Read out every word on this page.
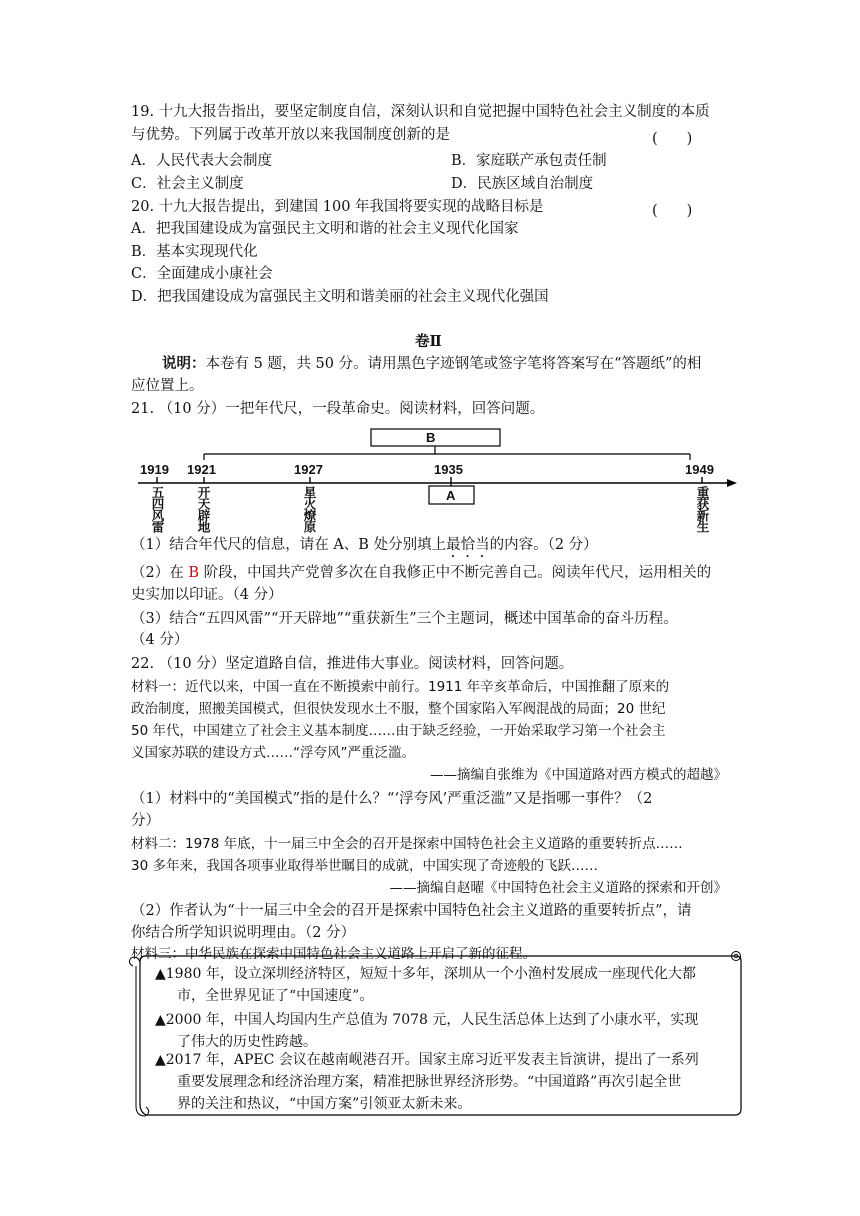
19. 十九大报告指出，要坚定制度自信，深刻认识和自觉把握中国特色社会主义制度的本质
与优势。下列属于改革开放以来我国制度创新的是	(　　)
A．人民代表大会制度	B．家庭联产承包责任制
C．社会主义制度	D．民族区域自治制度
20. 十九大报告提出，到建国 100 年我国将要实现的战略目标是	(　　)
A．把我国建设成为富强民主文明和谐的社会主义现代化国家
B．基本实现现代化
C．全面建成小康社会
D．把我国建设成为富强民主文明和谐美丽的社会主义现代化强国
卷Ⅱ
说明：本卷有 5 题，共 50 分。请用黑色字迹钢笔或签字笔将答案写在“答题纸”的相
应位置上。
21. （10 分）一把年代尺，一段革命史。阅读材料，回答问题。
B
A
1919 1921	1927	1935	1949
五四风雷 开天辟地	星火燎原	重获新生
（1）结合年代尺的信息，请在 A、B 处分别填上最恰当的内容。（2 分）
（2）在 B 阶段，中国共产党曾多次在自我修正中不断完善自己。阅读年代尺，运用相关的
史实加以印证。（4 分）
（3）结合“五四风雷”“开天辟地”“重获新生”三个主题词，概述中国革命的奋斗历程。
（4 分）
22. （10 分）坚定道路自信，推进伟大事业。阅读材料，回答问题。
材料一：近代以来，中国一直在不断摸索中前行。1911 年辛亥革命后，中国推翻了原来的
政治制度，照搬美国模式，但很快发现水土不服，整个国家陷入军阀混战的局面；20 世纪
50 年代，中国建立了社会主义基本制度……由于缺乏经验，一开始采取学习第一个社会主
义国家苏联的建设方式……“浮夸风”严重泛滥。
——摘编自张维为《中国道路对西方模式的超越》
（1）材料中的“美国模式”指的是什么？“‘浮夸风’严重泛滥”又是指哪一事件？（2
分）
材料二：1978 年底，十一届三中全会的召开是探索中国特色社会主义道路的重要转折点……
30 多年来，我国各项事业取得举世瞩目的成就，中国实现了奇迹般的飞跃……
——摘编自赵曜《中国特色社会主义道路的探索和开创》
（2）作者认为“十一届三中全会的召开是探索中国特色社会主义道路的重要转折点”，请
你结合所学知识说明理由。（2 分）
材料三：中华民族在探索中国特色社会主义道路上开启了新的征程。
▲1980 年，设立深圳经济特区，短短十多年，深圳从一个小渔村发展成一座现代化大都
市，全世界见证了“中国速度”。
▲2000 年，中国人均国内生产总值为 7078 元，人民生活总体上达到了小康水平，实现
了伟大的历史性跨越。
▲2017 年，APEC 会议在越南岘港召开。国家主席习近平发表主旨演讲，提出了一系列
重要发展理念和经济治理方案，精准把脉世界经济形势。“中国道路”再次引起全世
界的关注和热议，“中国方案”引领亚太新未来。
